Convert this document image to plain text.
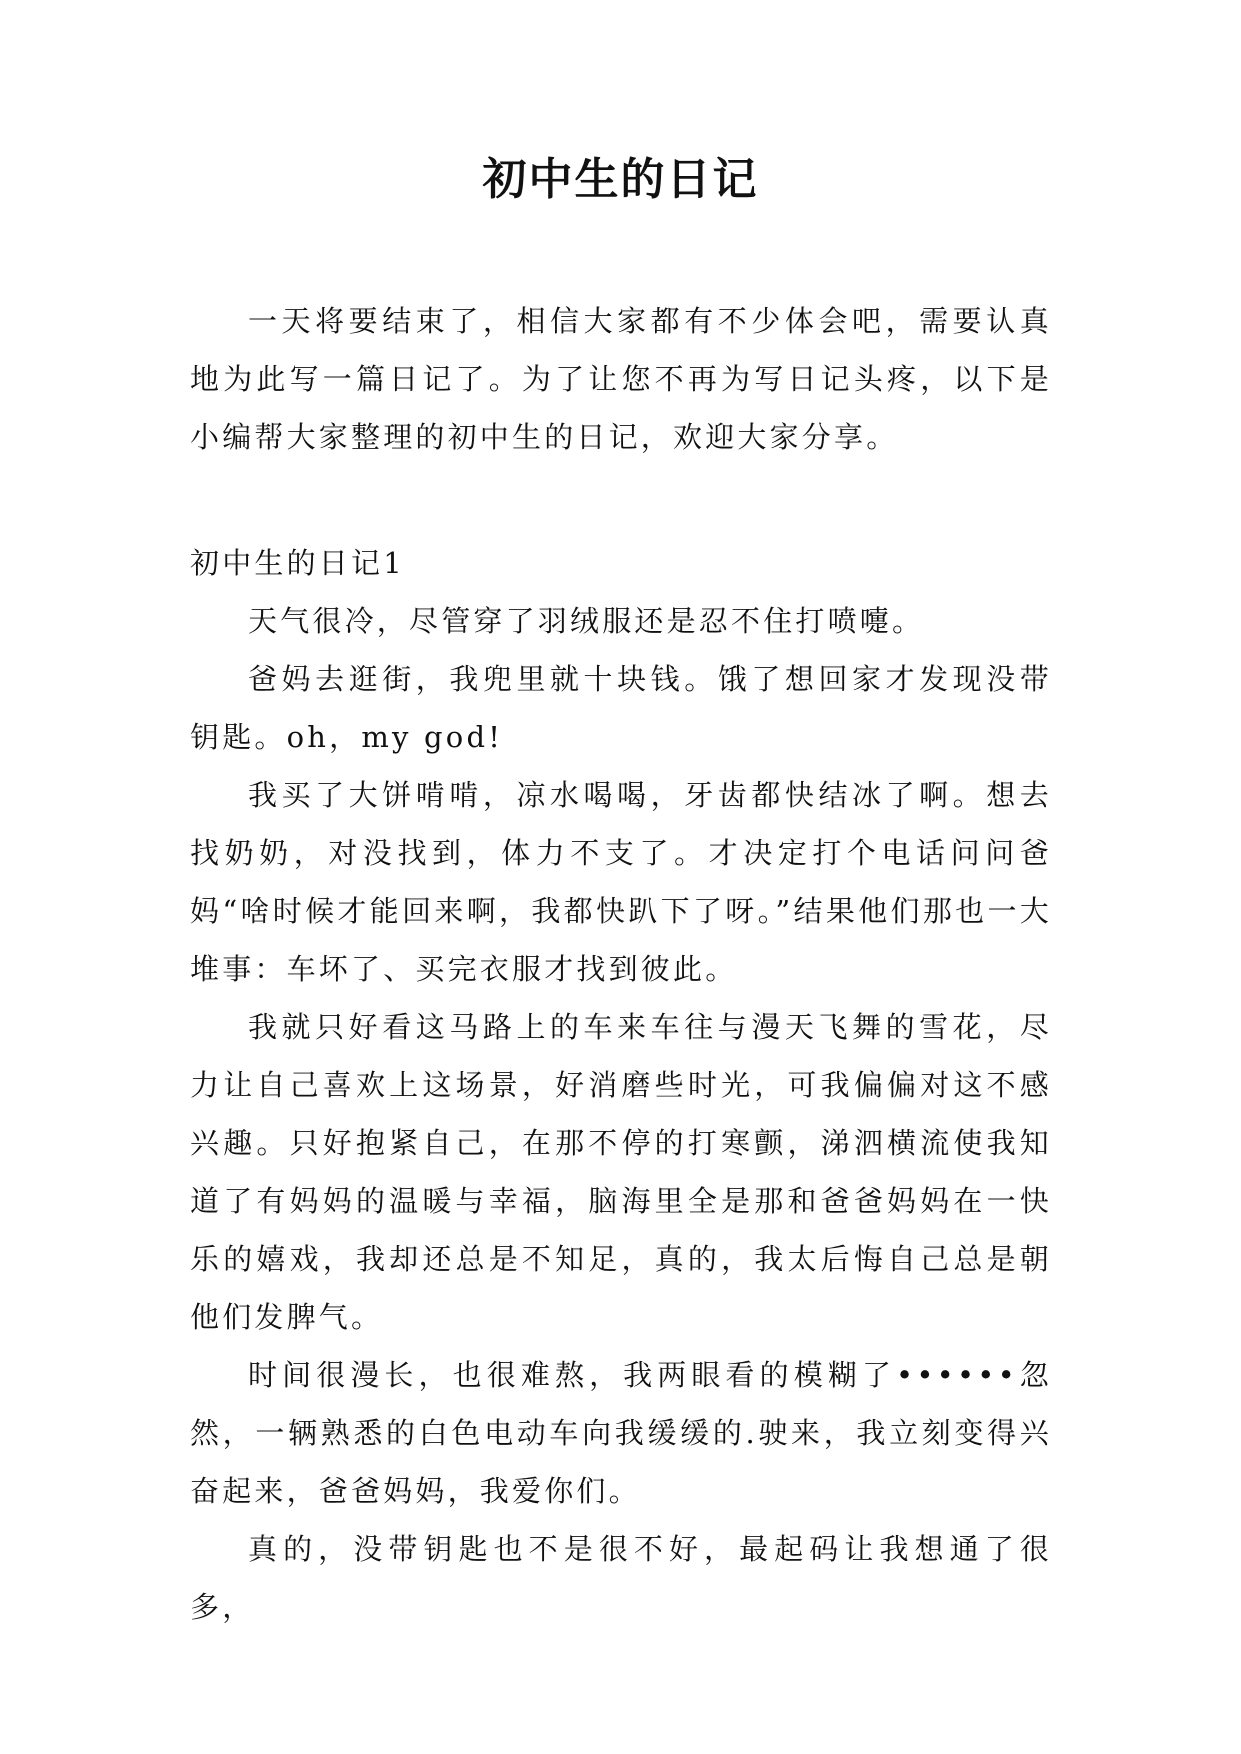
初中生的日记

一天将要结束了，相信大家都有不少体会吧，需要认真地为此写一篇日记了。为了让您不再为写日记头疼，以下是小编帮大家整理的初中生的日记，欢迎大家分享。

初中生的日记1

天气很冷，尽管穿了羽绒服还是忍不住打喷嚏。

爸妈去逛街，我兜里就十块钱。饿了想回家才发现没带钥匙。oh，my god!

我买了大饼啃啃，凉水喝喝，牙齿都快结冰了啊。想去找奶奶，对没找到，体力不支了。才决定打个电话问问爸妈“啥时候才能回来啊，我都快趴下了呀。”结果他们那也一大堆事：车坏了、买完衣服才找到彼此。

我就只好看这马路上的车来车往与漫天飞舞的雪花，尽力让自己喜欢上这场景，好消磨些时光，可我偏偏对这不感兴趣。只好抱紧自己，在那不停的打寒颤，涕泗横流使我知道了有妈妈的温暖与幸福，脑海里全是那和爸爸妈妈在一快乐的嬉戏，我却还总是不知足，真的，我太后悔自己总是朝他们发脾气。

时间很漫长，也很难熬，我两眼看的模糊了••••••忽然，一辆熟悉的白色电动车向我缓缓的.驶来，我立刻变得兴奋起来，爸爸妈妈，我爱你们。

真的，没带钥匙也不是很不好，最起码让我想通了很多，
